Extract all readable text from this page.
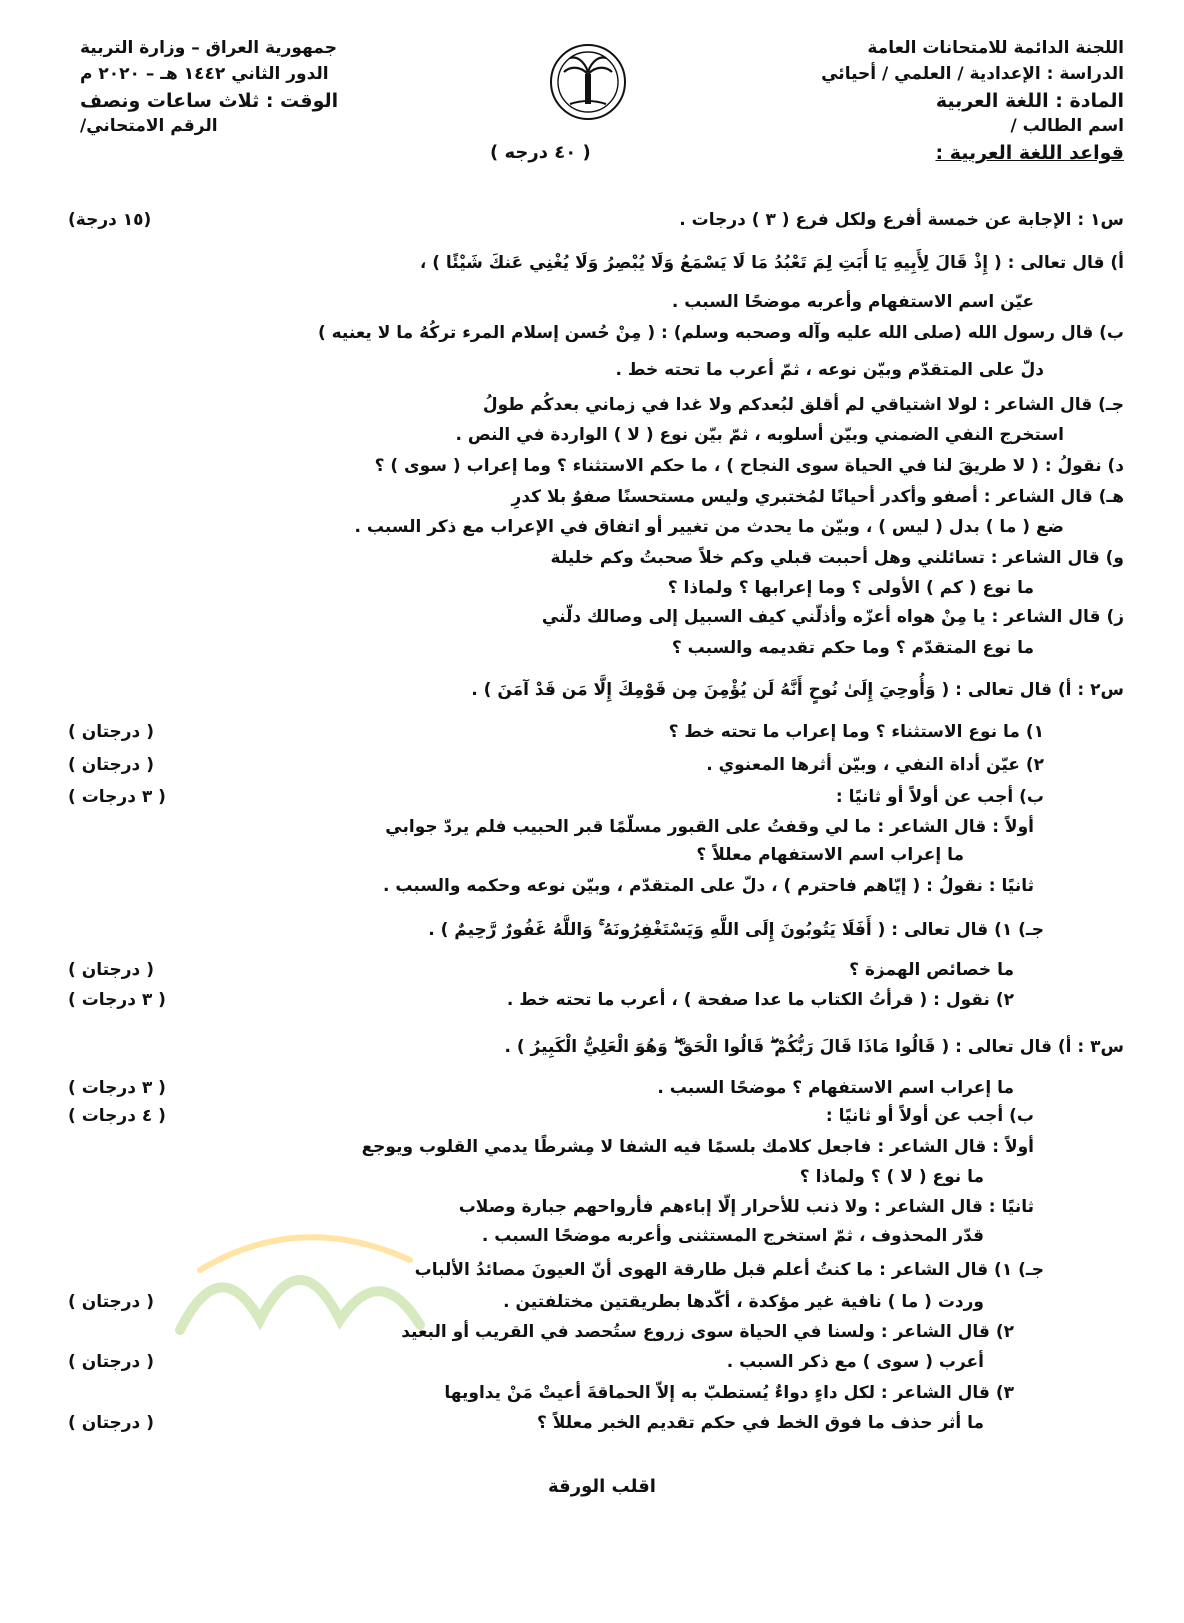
اللجنة الدائمة للامتحانات العامة
الدراسة : الإعدادية / العلمي / أحيائي
المادة : اللغة العربية
اسم الطالب /
قواعد اللغة العربية :
جمهورية العراق – وزارة التربية
الدور الثاني ١٤٤٢ هـ – ٢٠٢٠ م
الوقت : ثلاث ساعات ونصف
الرقم الامتحاني/
( ٤٠ درجه )
س١ : الإجابة عن خمسة أفرع ولكل فرع ( ٣ ) درجات .
(١٥ درجة)
أ) قال تعالى : ( إِذْ قَالَ لِأَبِيهِ يَا أَبَتِ لِمَ تَعْبُدُ مَا لَا يَسْمَعُ وَلَا يُبْصِرُ وَلَا يُغْنِي عَنكَ شَيْئًا ) ،
عيّن اسم الاستفهام وأعربه موضحًا السبب .
ب) قال رسول الله (صلى الله عليه وآله وصحبه وسلم) : ( مِنْ حُسن إسلام المرء تركُهُ ما لا يعنيه )
دلّ على المتقدّم وبيّن نوعه ، ثمّ أعرب ما تحته خط .
جـ) قال الشاعر : لولا اشتياقي لم أقلق لبُعدكم ولا غدا في زماني بعدكُم طولُ
استخرج النفي الضمني وبيّن أسلوبه ، ثمّ بيّن نوع ( لا ) الواردة في النص .
د) نقولُ : ( لا طريقَ لنا في الحياة سوى النجاح ) ، ما حكم الاستثناء ؟ وما إعراب ( سوى ) ؟
هـ) قال الشاعر : أصفو وأكدر أحيانًا لمُختبري وليس مستحسنًا صفوٌ بلا كدرِ
ضع ( ما ) بدل ( ليس ) ، وبيّن ما يحدث من تغيير أو اتفاق في الإعراب مع ذكر السبب .
و) قال الشاعر : تسائلني وهل أحببت قبلي وكم خلاً صحبتُ وكم خليلة
ما نوع ( كم ) الأولى ؟ وما إعرابها ؟ ولماذا ؟
ز) قال الشاعر : يا مِنْ هواه أعزّه وأذلّني كيف السبيل إلى وصالك دلّني
ما نوع المتقدّم ؟ وما حكم تقديمه والسبب ؟
س٢ : أ) قال تعالى : ( وَأُوحِيَ إِلَىٰ نُوحٍ أَنَّهُ لَن يُؤْمِنَ مِن قَوْمِكَ إِلَّا مَن قَدْ آمَنَ ) .
١) ما نوع الاستثناء ؟ وما إعراب ما تحته خط ؟
( درجتان )
٢) عيّن أداة النفي ، وبيّن أثرها المعنوي .
( درجتان )
ب) أجب عن أولاً أو ثانيًا :
( ٣ درجات )
أولاً : قال الشاعر : ما لي وقفتُ على القبور مسلّمًا قبر الحبيب فلم يردّ جوابي
ما إعراب اسم الاستفهام معللاً ؟
ثانيًا : نقولُ : ( إيّاهم فاحترم ) ، دلّ على المتقدّم ، وبيّن نوعه وحكمه والسبب .
جـ) ١) قال تعالى : ( أَفَلَا يَتُوبُونَ إِلَى اللَّهِ وَيَسْتَغْفِرُونَهُ ۚ وَاللَّهُ غَفُورٌ رَّحِيمٌ ) .
ما خصائص الهمزة ؟
( درجتان )
٢) نقول : ( قرأتُ الكتاب ما عدا صفحة ) ، أعرب ما تحته خط .
( ٣ درجات )
س٣ : أ) قال تعالى : ( قَالُوا مَاذَا قَالَ رَبُّكُمْ ۖ قَالُوا الْحَقَّ ۖ وَهُوَ الْعَلِيُّ الْكَبِيرُ ) .
ما إعراب اسم الاستفهام ؟ موضحًا السبب .
( ٣ درجات )
ب) أجب عن أولاً أو ثانيًا :
( ٤ درجات )
أولاً : قال الشاعر : فاجعل كلامك بلسمًا فيه الشفا لا مِشرطًا يدمي القلوب ويوجع
ما نوع ( لا ) ؟ ولماذا ؟
ثانيًا : قال الشاعر : ولا ذنب للأحرار إلّا إباءهم فأرواحهم جبارة وصلاب
قدّر المحذوف ، ثمّ استخرج المستثنى وأعربه موضحًا السبب .
جـ) ١) قال الشاعر : ما كنتُ أعلم قبل طارقة الهوى أنّ العيونَ مصائدُ الألباب
وردت ( ما ) نافية غير مؤكدة ، أكّدها بطريقتين مختلفتين .
( درجتان )
٢) قال الشاعر : ولسنا في الحياة سوى زروع ستُحصد في القريب أو البعيد
أعرب ( سوى ) مع ذكر السبب .
( درجتان )
٣) قال الشاعر : لكل داءٍ دواءٌ يُستطبّ به إلاّ الحماقةَ أعيتْ مَنْ يداويها
ما أثر حذف ما فوق الخط في حكم تقديم الخبر معللاً ؟
( درجتان )
اقلب الورقة
